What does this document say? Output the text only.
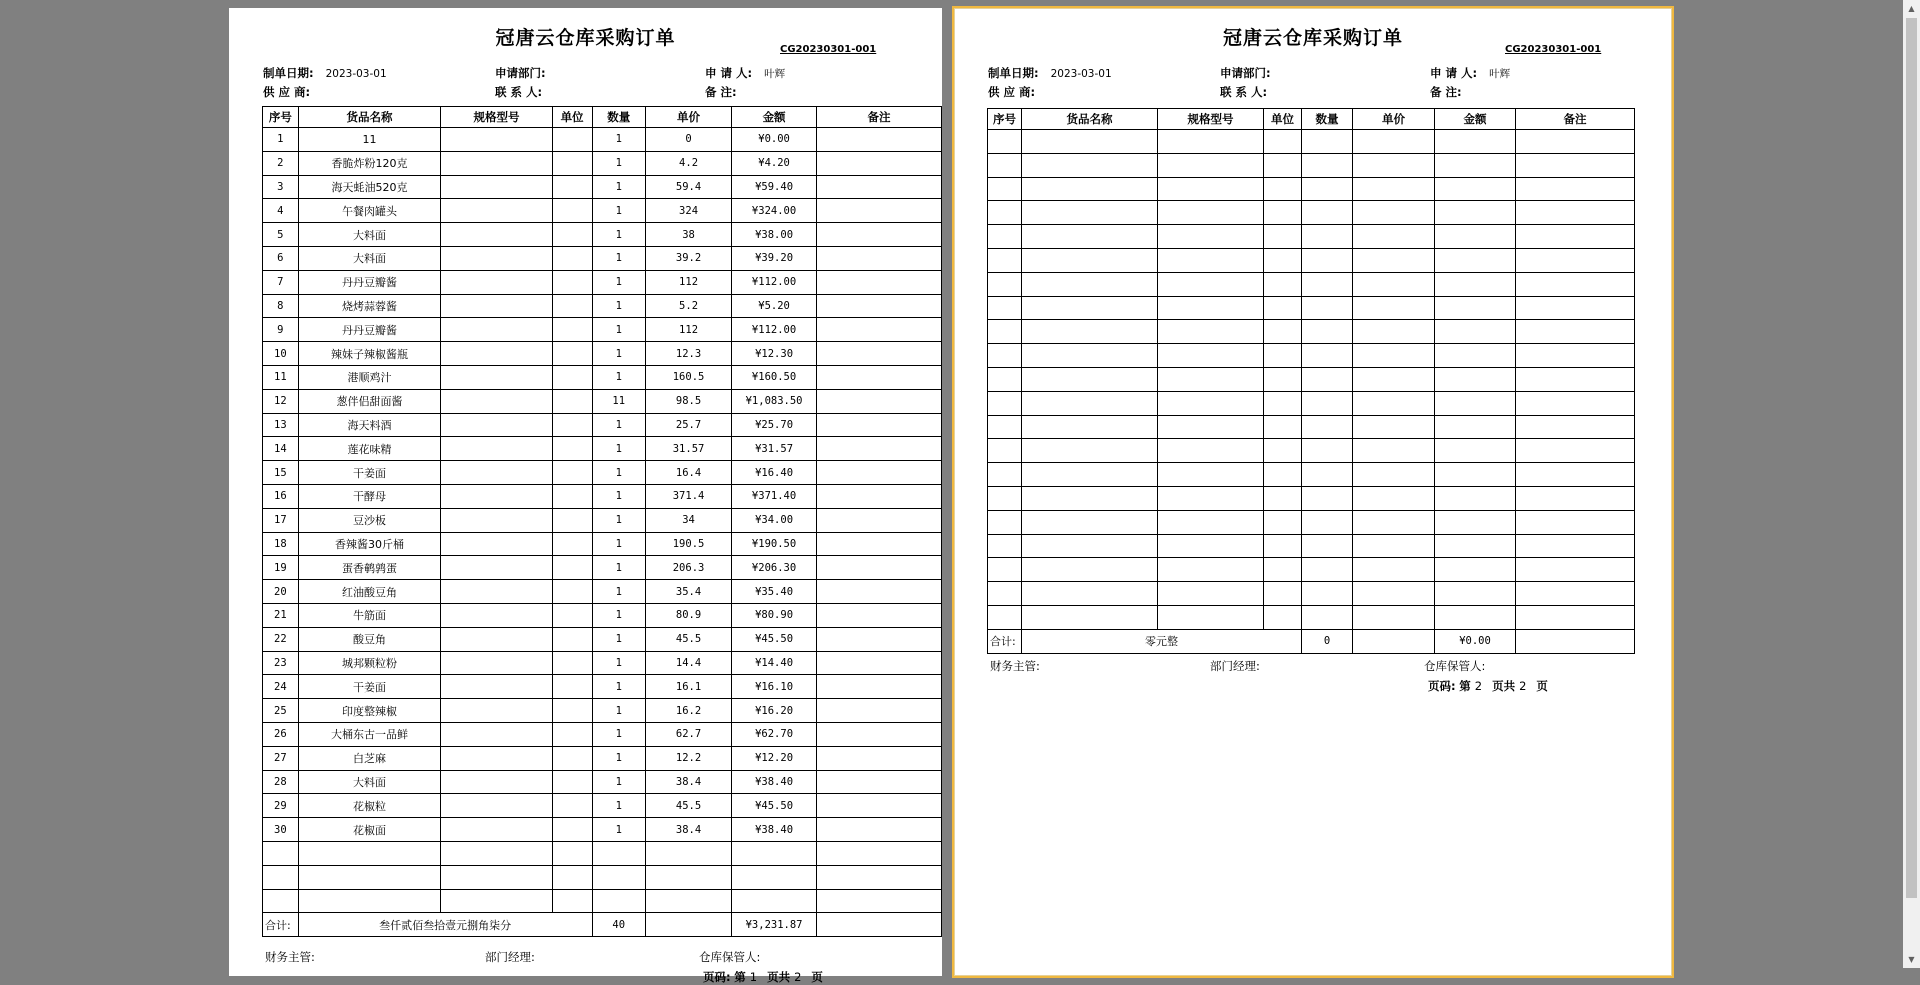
冠唐云仓库采购订单
CG20230301-001
制单日期: 2023-03-01	申请部门:	申 请 人: 叶辉
供 应 商:	联 系 人:	备 注:
序号	货品名称	规格型号	单位	数量	单价	金额	备注
1	11			1	0	¥0.00	
2	香脆炸粉120克			1	4.2	¥4.20	
3	海天蚝油520克			1	59.4	¥59.40	
4	午餐肉罐头			1	324	¥324.00	
5	大料面			1	38	¥38.00	
6	大料面			1	39.2	¥39.20	
7	丹丹豆瓣酱			1	112	¥112.00	
8	烧烤蒜蓉酱			1	5.2	¥5.20	
9	丹丹豆瓣酱			1	112	¥112.00	
10	辣妹子辣椒酱瓶			1	12.3	¥12.30	
11	港顺鸡汁			1	160.5	¥160.50	
12	葱伴侣甜面酱			11	98.5	¥1,083.50	
13	海天料酒			1	25.7	¥25.70	
14	莲花味精			1	31.57	¥31.57	
15	干姜面			1	16.4	¥16.40	
16	干酵母			1	371.4	¥371.40	
17	豆沙板			1	34	¥34.00	
18	香辣酱30斤桶			1	190.5	¥190.50	
19	蛋香鹌鹑蛋			1	206.3	¥206.30	
20	红油酸豆角			1	35.4	¥35.40	
21	牛筋面			1	80.9	¥80.90	
22	酸豆角			1	45.5	¥45.50	
23	城邦颗粒粉			1	14.4	¥14.40	
24	干姜面			1	16.1	¥16.10	
25	印度整辣椒			1	16.2	¥16.20	
26	大桶东古一品鲜			1	62.7	¥62.70	
27	白芝麻			1	12.2	¥12.20	
28	大料面			1	38.4	¥38.40	
29	花椒粒			1	45.5	¥45.50	
30	花椒面			1	38.4	¥38.40	

合计:	叁仟贰佰叁拾壹元捌角柒分			40		¥3,231.87	
财务主管:	部门经理:	仓库保管人:
页码: 第 1 页共 2 页
冠唐云仓库采购订单
CG20230301-001
制单日期: 2023-03-01	申请部门:	申 请 人: 叶辉
供 应 商:	联 系 人:	备 注:
序号	货品名称	规格型号	单位	数量	单价	金额	备注

合计:	零元整			0		¥0.00	
财务主管:	部门经理:	仓库保管人:
页码: 第 2 页共 2 页
▲
▼
